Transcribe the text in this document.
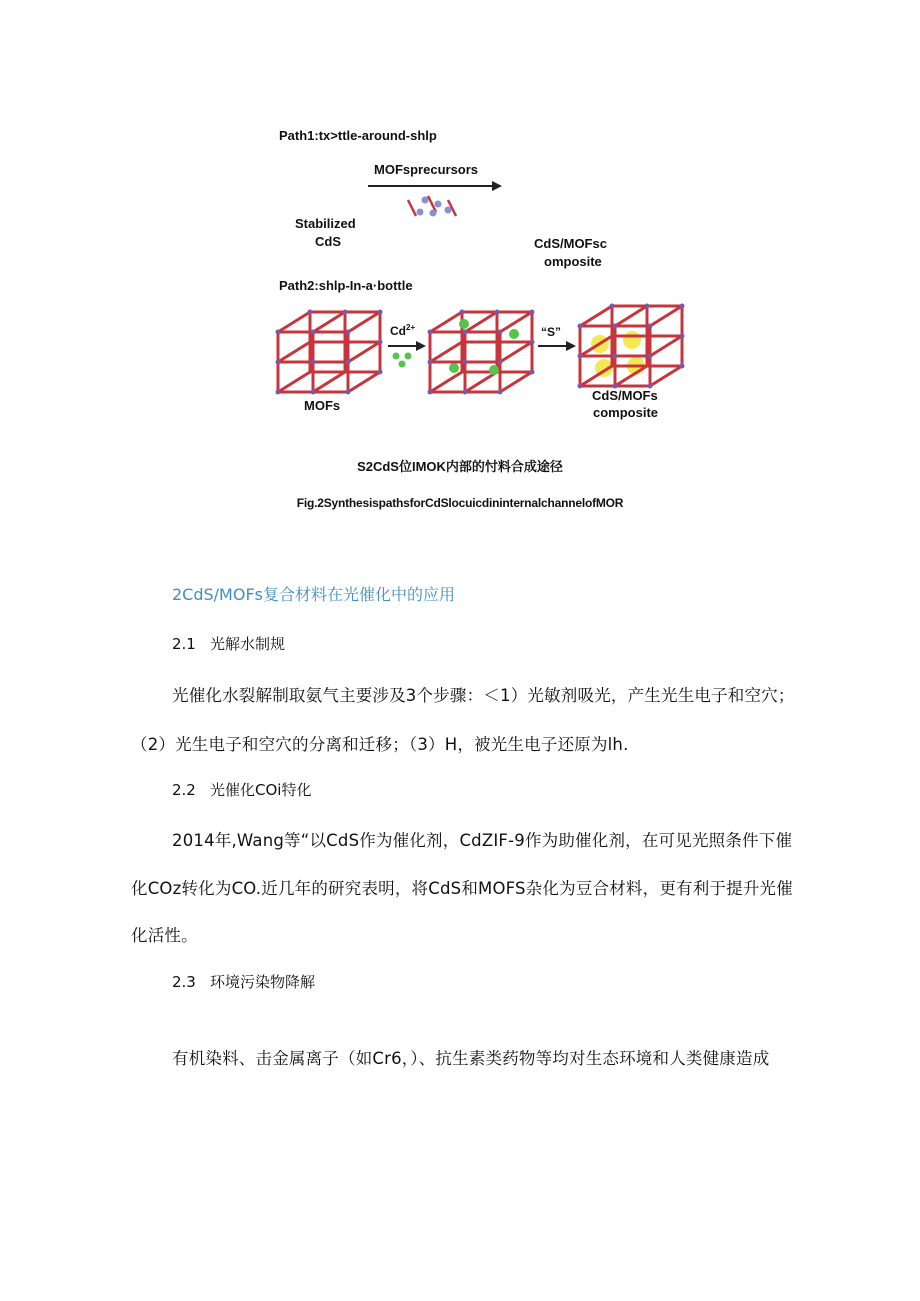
Path1:tx>ttle-around-shlp
MOFsprecursors
Stabilized
CdS	CdS/MOFsc
omposite
Path2:shlp-In-a·bottle
$Cd^{2+}$	“S”
MOFs
CdS/MOFs
composite
S2CdS位IMOK内部的忖料合成途径
Fig.2SynthesispathsforCdSlocuicdininternalchannelofMOR
2CdS/MOFs复合材料在光催化中的应用
2.1 光解水制规
光催化水裂解制取氨气主要涉及3个步骤：＜1）光敏剂吸光，产生光生电子和空穴；
（2）光生电子和空穴的分离和迁移；（3）H，被光生电子还原为lh.
2.2 光催化COi特化
2014年,Wang等“以CdS作为催化剂，CdZIF-9作为助催化剂，在可见光照条件下催
化COz转化为CO.近几年的研究表明，将CdS和MOFS杂化为豆合材料，更有利于提升光催
化活性。
2.3 环境污染物降解
有机染料、击金属离子（如Cr6，）、抗生素类药物等均对生态环境和人类健康造成
